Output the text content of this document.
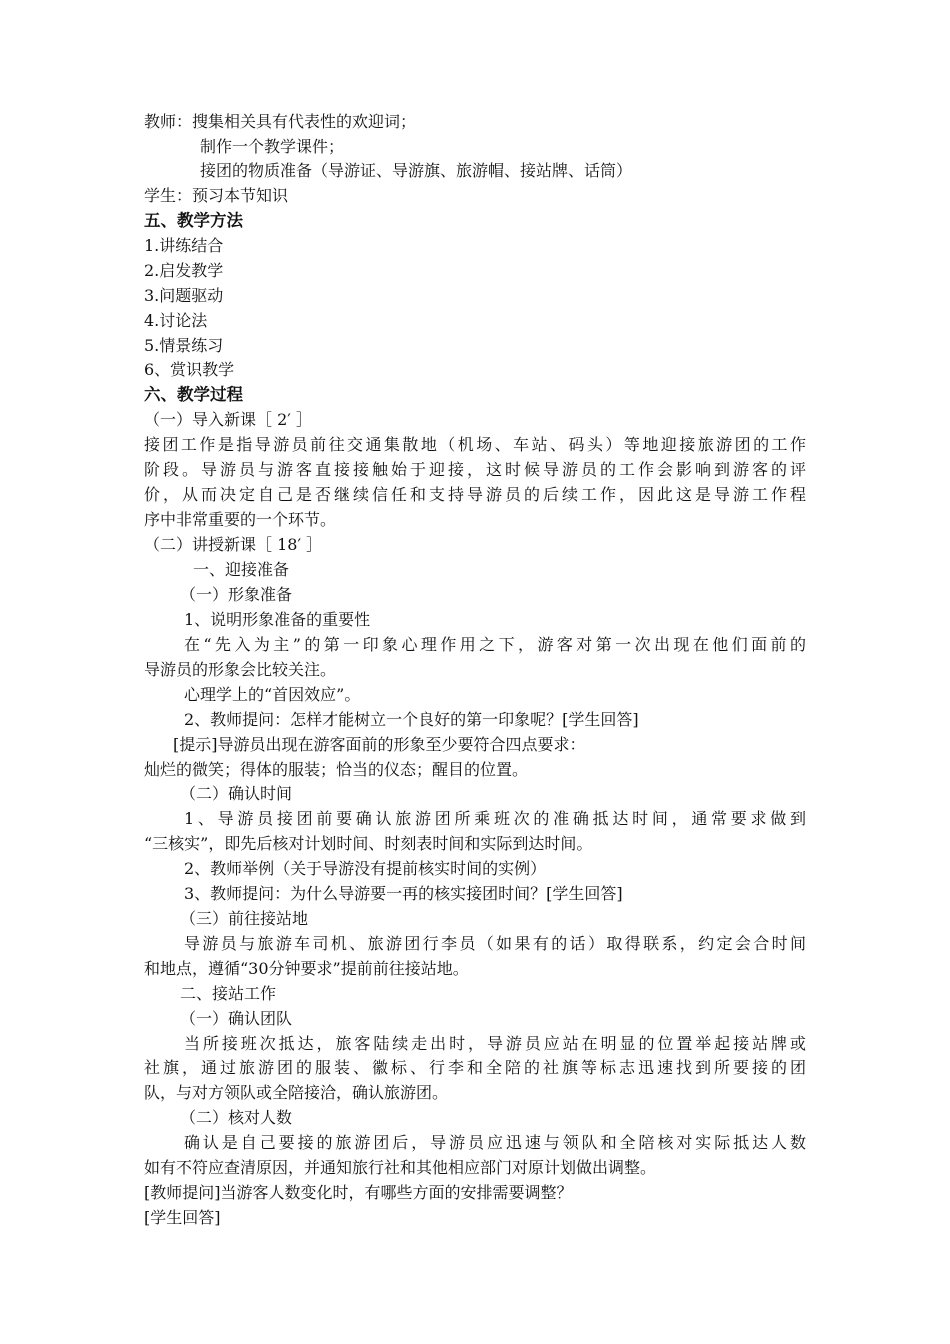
教师：搜集相关具有代表性的欢迎词；
制作一个教学课件；
接团的物质准备（导游证、导游旗、旅游帽、接站牌、话筒）
学生：预习本节知识
五、教学方法
1.讲练结合
2.启发教学
3.问题驱动
4.讨论法
5.情景练习
6、赏识教学
六、教学过程
（一）导入新课［ 2′ ］
接团工作是指导游员前往交通集散地（机场、车站、码头）等地迎接旅游团的工作
阶段。导游员与游客直接接触始于迎接，这时候导游员的工作会影响到游客的评
价，从而决定自己是否继续信任和支持导游员的后续工作，因此这是导游工作程
序中非常重要的一个环节。
（二）讲授新课［ 18′ ］
一、迎接准备
（一）形象准备
1、说明形象准备的重要性
在“先入为主”的第一印象心理作用之下，游客对第一次出现在他们面前的
导游员的形象会比较关注。
心理学上的“首因效应”。
2、教师提问：怎样才能树立一个良好的第一印象呢？[学生回答]
[提示]导游员出现在游客面前的形象至少要符合四点要求：
灿烂的微笑；得体的服装；恰当的仪态；醒目的位置。
（二）确认时间
1、导游员接团前要确认旅游团所乘班次的准确抵达时间，通常要求做到
“三核实”，即先后核对计划时间、时刻表时间和实际到达时间。
2、教师举例（关于导游没有提前核实时间的实例）
3、教师提问：为什么导游要一再的核实接团时间？[学生回答]
（三）前往接站地
导游员与旅游车司机、旅游团行李员（如果有的话）取得联系，约定会合时间
和地点，遵循“30分钟要求”提前前往接站地。
二、接站工作
（一）确认团队
当所接班次抵达，旅客陆续走出时，导游员应站在明显的位置举起接站牌或
社旗，通过旅游团的服装、徽标、行李和全陪的社旗等标志迅速找到所要接的团
队，与对方领队或全陪接洽，确认旅游团。
（二）核对人数
确认是自己要接的旅游团后，导游员应迅速与领队和全陪核对实际抵达人数
如有不符应查清原因，并通知旅行社和其他相应部门对原计划做出调整。
[教师提问]当游客人数变化时，有哪些方面的安排需要调整？
[学生回答]
